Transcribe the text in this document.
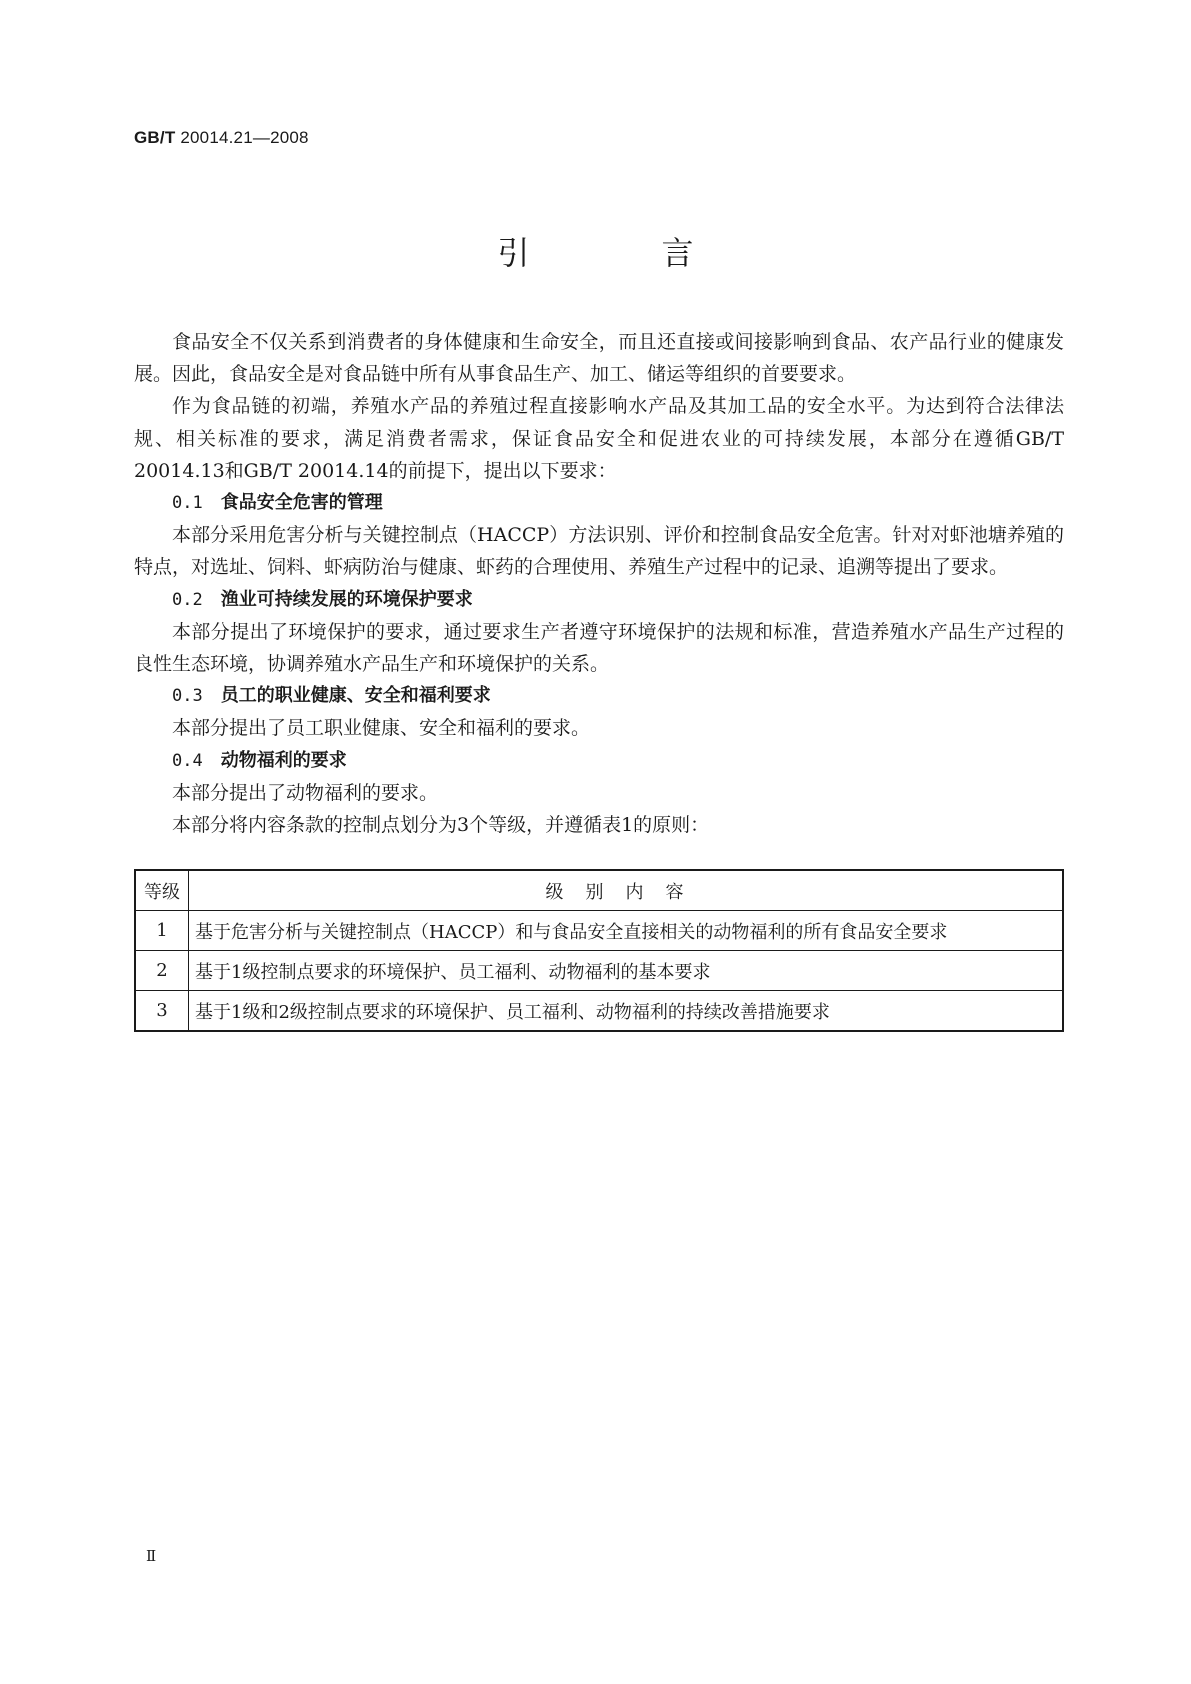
GB/T 20014.21—2008
引　言

食品安全不仅关系到消费者的身体健康和生命安全，而且还直接或间接影响到食品、农产品行业的健康发展。因此，食品安全是对食品链中所有从事食品生产、加工、储运等组织的首要要求。

作为食品链的初端，养殖水产品的养殖过程直接影响水产品及其加工品的安全水平。为达到符合法律法规、相关标准的要求，满足消费者需求，保证食品安全和促进农业的可持续发展，本部分在遵循GB/T 20014.13和GB/T 20014.14的前提下，提出以下要求：

0.1 食品安全危害的管理

本部分采用危害分析与关键控制点（HACCP）方法识别、评价和控制食品安全危害。针对对虾池塘养殖的特点，对选址、饲料、虾病防治与健康、虾药的合理使用、养殖生产过程中的记录、追溯等提出了要求。

0.2 渔业可持续发展的环境保护要求

本部分提出了环境保护的要求，通过要求生产者遵守环境保护的法规和标准，营造养殖水产品生产过程的良性生态环境，协调养殖水产品生产和环境保护的关系。

0.3 员工的职业健康、安全和福利要求

本部分提出了员工职业健康、安全和福利的要求。

0.4 动物福利的要求

本部分提出了动物福利的要求。

本部分将内容条款的控制点划分为3个等级，并遵循表1的原则：

等级	级别内容
1	基于危害分析与关键控制点（HACCP）和与食品安全直接相关的动物福利的所有食品安全要求
2	基于1级控制点要求的环境保护、员工福利、动物福利的基本要求
3	基于1级和2级控制点要求的环境保护、员工福利、动物福利的持续改善措施要求
Ⅱ
